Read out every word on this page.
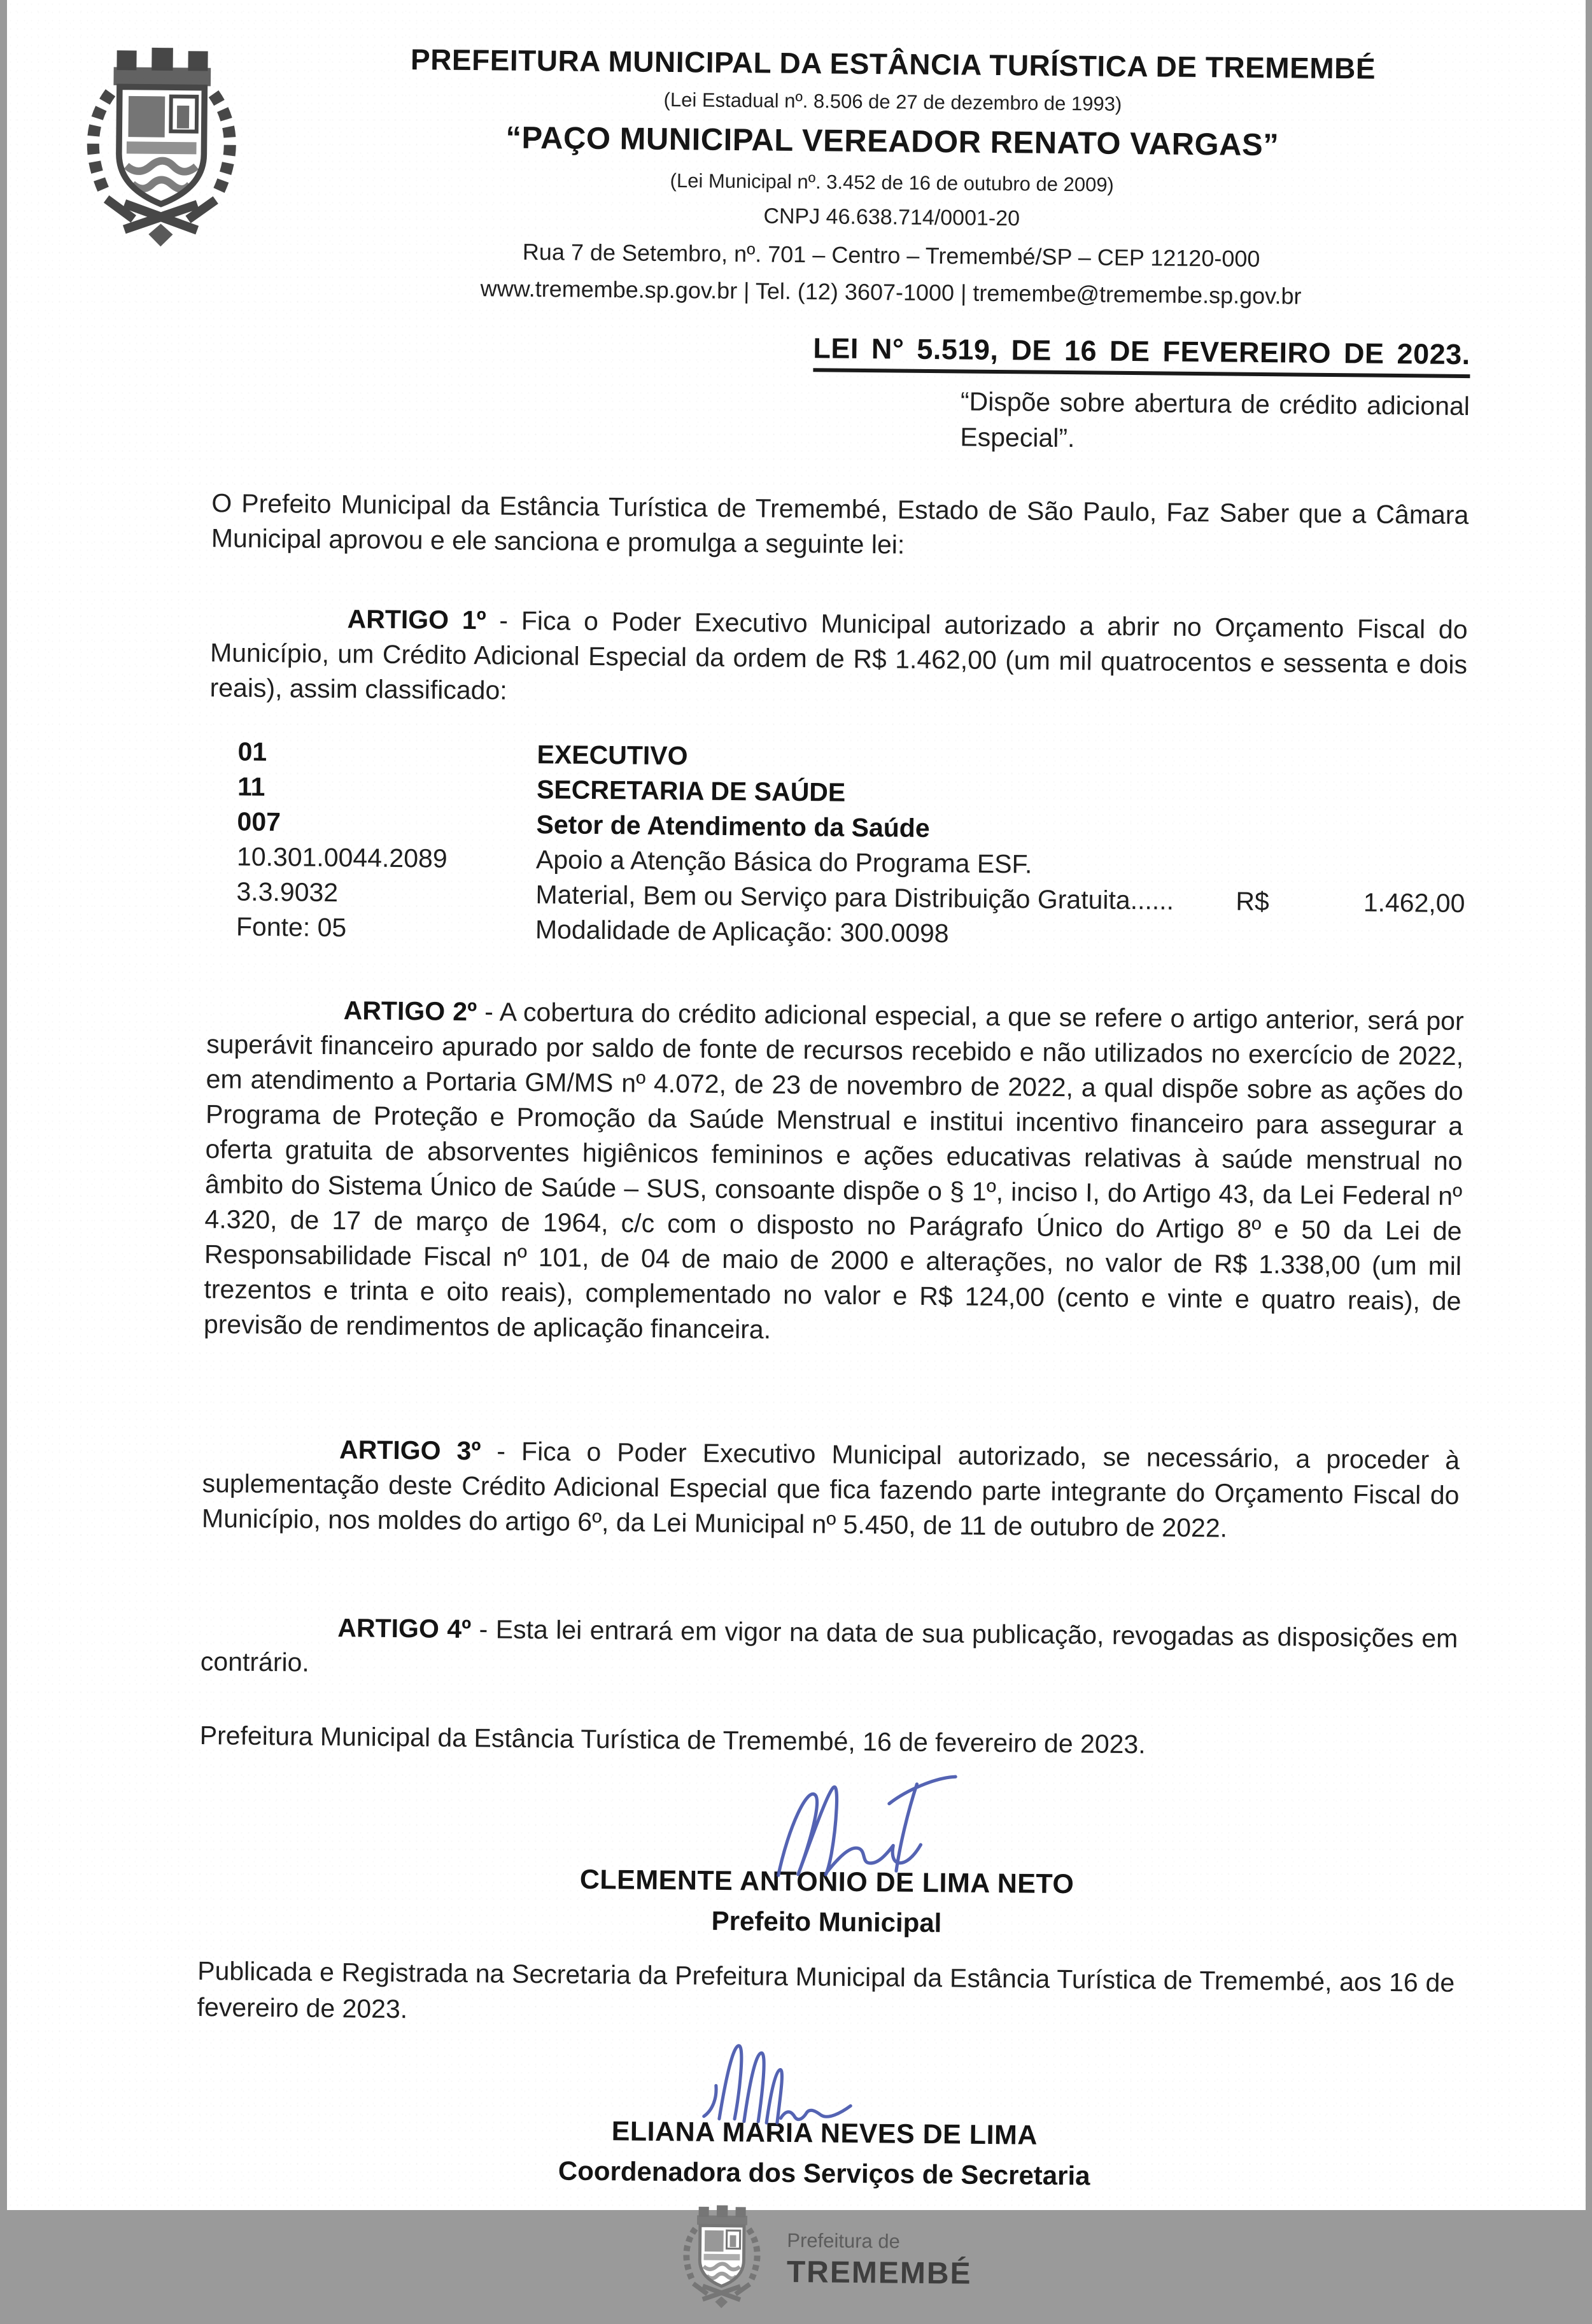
PREFEITURA MUNICIPAL DA ESTÂNCIA TURÍSTICA DE TREMEMBÉ
(Lei Estadual nº. 8.506 de 27 de dezembro de 1993)
“PAÇO MUNICIPAL VEREADOR RENATO VARGAS”
(Lei Municipal nº. 3.452 de 16 de outubro de 2009)
CNPJ 46.638.714/0001-20
Rua 7 de Setembro, nº. 701 – Centro – Tremembé/SP – CEP 12120-000
www.tremembe.sp.gov.br | Tel. (12) 3607-1000 | tremembe@tremembe.sp.gov.br
LEI N° 5.519, DE 16 DE FEVEREIRO DE 2023.
“Dispõe sobre abertura de crédito adicional Especial”.

O Prefeito Municipal da Estância Turística de Tremembé, Estado de São Paulo, Faz Saber que a Câmara Municipal aprovou e ele sanciona e promulga a seguinte lei:

ARTIGO 1º - Fica o Poder Executivo Municipal autorizado a abrir no Orçamento Fiscal do Município, um Crédito Adicional Especial da ordem de R$ 1.462,00 (um mil quatrocentos e sessenta e dois reais), assim classificado:

01	EXECUTIVO
11	SECRETARIA DE SAÚDE
007	Setor de Atendimento da Saúde
10.301.0044.2089	Apoio a Atenção Básica do Programa ESF.
3.3.9032	Material, Bem ou Serviço para Distribuição Gratuita......	R$	1.462,00
Fonte: 05	Modalidade de Aplicação: 300.0098

ARTIGO 2º - A cobertura do crédito adicional especial, a que se refere o artigo anterior, será por superávit financeiro apurado por saldo de fonte de recursos recebido e não utilizados no exercício de 2022, em atendimento a Portaria GM/MS nº 4.072, de 23 de novembro de 2022, a qual dispõe sobre as ações do Programa de Proteção e Promoção da Saúde Menstrual e institui incentivo financeiro para assegurar a oferta gratuita de absorventes higiênicos femininos e ações educativas relativas à saúde menstrual no âmbito do Sistema Único de Saúde – SUS, consoante dispõe o § 1º, inciso I, do Artigo 43, da Lei Federal nº 4.320, de 17 de março de 1964, c/c com o disposto no Parágrafo Único do Artigo 8º e 50 da Lei de Responsabilidade Fiscal nº 101, de 04 de maio de 2000 e alterações, no valor de R$ 1.338,00 (um mil trezentos e trinta e oito reais), complementado no valor e R$ 124,00 (cento e vinte e quatro reais), de previsão de rendimentos de aplicação financeira.

ARTIGO 3º - Fica o Poder Executivo Municipal autorizado, se necessário, a proceder à suplementação deste Crédito Adicional Especial que fica fazendo parte integrante do Orçamento Fiscal do Município, nos moldes do artigo 6º, da Lei Municipal nº 5.450, de 11 de outubro de 2022.

ARTIGO 4º - Esta lei entrará em vigor na data de sua publicação, revogadas as disposições em contrário.

Prefeitura Municipal da Estância Turística de Tremembé, 16 de fevereiro de 2023.
CLEMENTE ANTONIO DE LIMA NETO
Prefeito Municipal

Publicada e Registrada na Secretaria da Prefeitura Municipal da Estância Turística de Tremembé, aos 16 de fevereiro de 2023.

ELIANA MARIA NEVES DE LIMA
Coordenadora dos Serviços de Secretaria
Prefeitura de
TREMEMBÉ
